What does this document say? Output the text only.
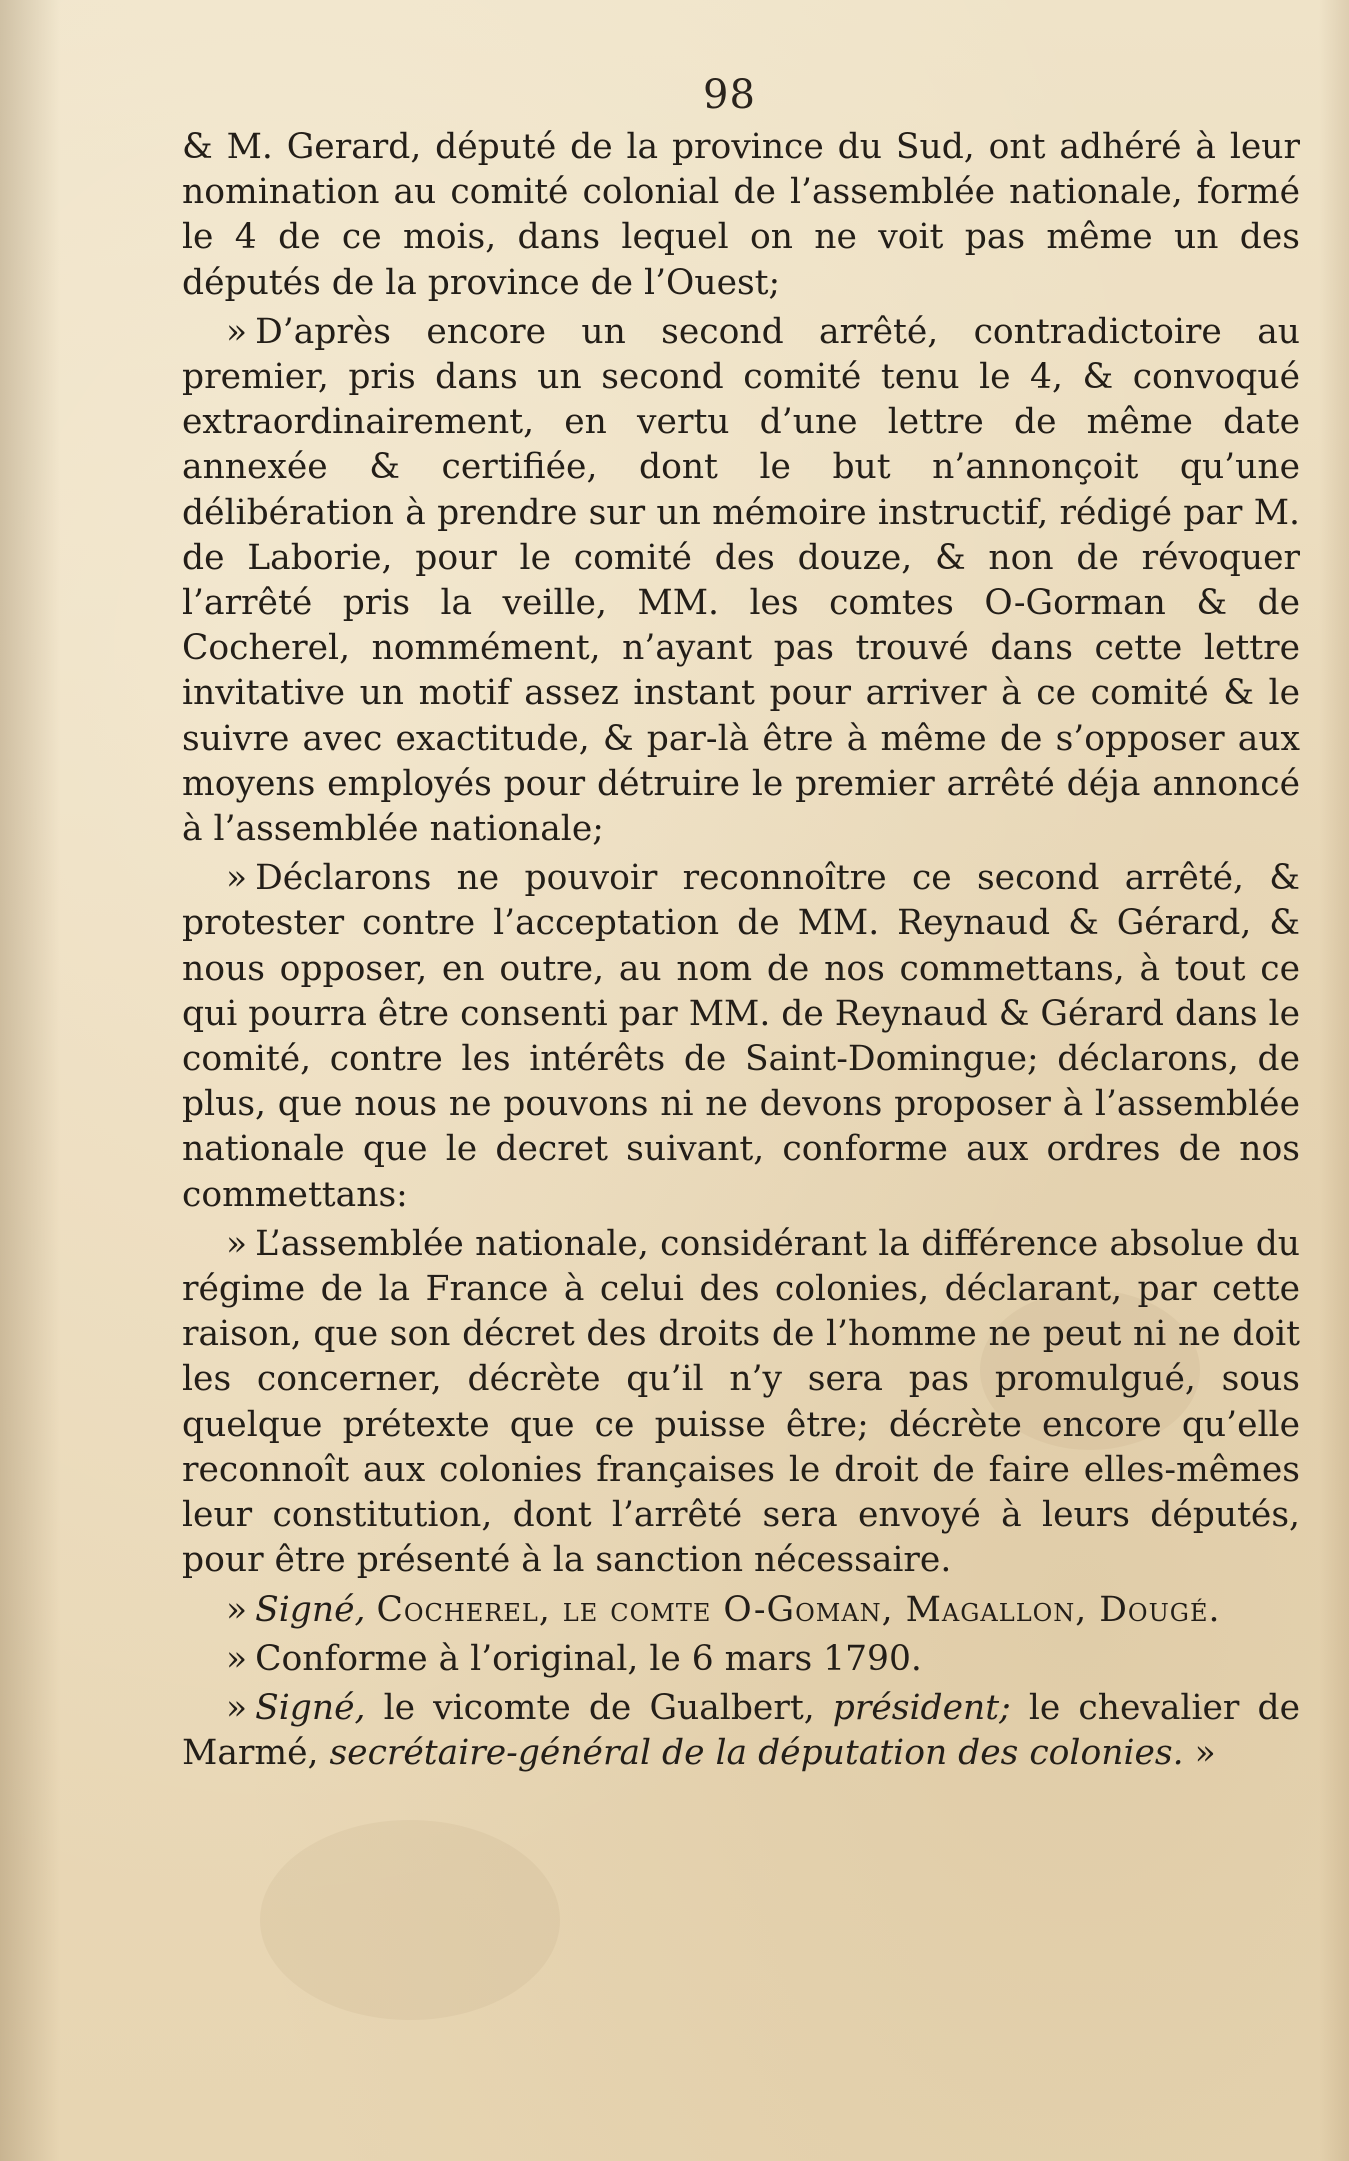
98

& M. Gerard, député de la province du Sud, ont adhéré à leur nomination au comité colonial de l’assemblée nationale, formé le 4 de ce mois, dans lequel on ne voit pas même un des députés de la province de l’Ouest;

» D’après encore un second arrêté, contradictoire au premier, pris dans un second comité tenu le 4, & convoqué extraordinairement, en vertu d’une lettre de même date annexée & certifiée, dont le but n’annonçoit qu’une délibération à prendre sur un mémoire instructif, rédigé par M. de Laborie, pour le comité des douze, & non de révoquer l’arrêté pris la veille, MM. les comtes O-Gorman & de Cocherel, nommément, n’ayant pas trouvé dans cette lettre invitative un motif assez instant pour arriver à ce comité & le suivre avec exactitude, & par-là être à même de s’opposer aux moyens employés pour détruire le premier arrêté déja annoncé à l’assemblée nationale;

» Déclarons ne pouvoir reconnoître ce second arrêté, & protester contre l’acceptation de MM. Reynaud & Gérard, & nous opposer, en outre, au nom de nos commettans, à tout ce qui pourra être consenti par MM. de Reynaud & Gérard dans le comité, contre les intérêts de Saint-Domingue; déclarons, de plus, que nous ne pouvons ni ne devons proposer à l’assemblée nationale que le decret suivant, conforme aux ordres de nos commettans:

» L’assemblée nationale, considérant la différence absolue du régime de la France à celui des colonies, déclarant, par cette raison, que son décret des droits de l’homme ne peut ni ne doit les concerner, décrète qu’il n’y sera pas promulgué, sous quelque prétexte que ce puisse être; décrète encore qu’elle reconnoît aux colonies françaises le droit de faire elles-mêmes leur constitution, dont l’arrêté sera envoyé à leurs députés, pour être présenté à la sanction nécessaire.

» Signé, Cocherel, le comte O-Goman, Magallon, Dougé.

» Conforme à l’original, le 6 mars 1790.

» Signé, le vicomte de Gualbert, président; le chevalier de Marmé, secrétaire-général de la députation des colonies. »
